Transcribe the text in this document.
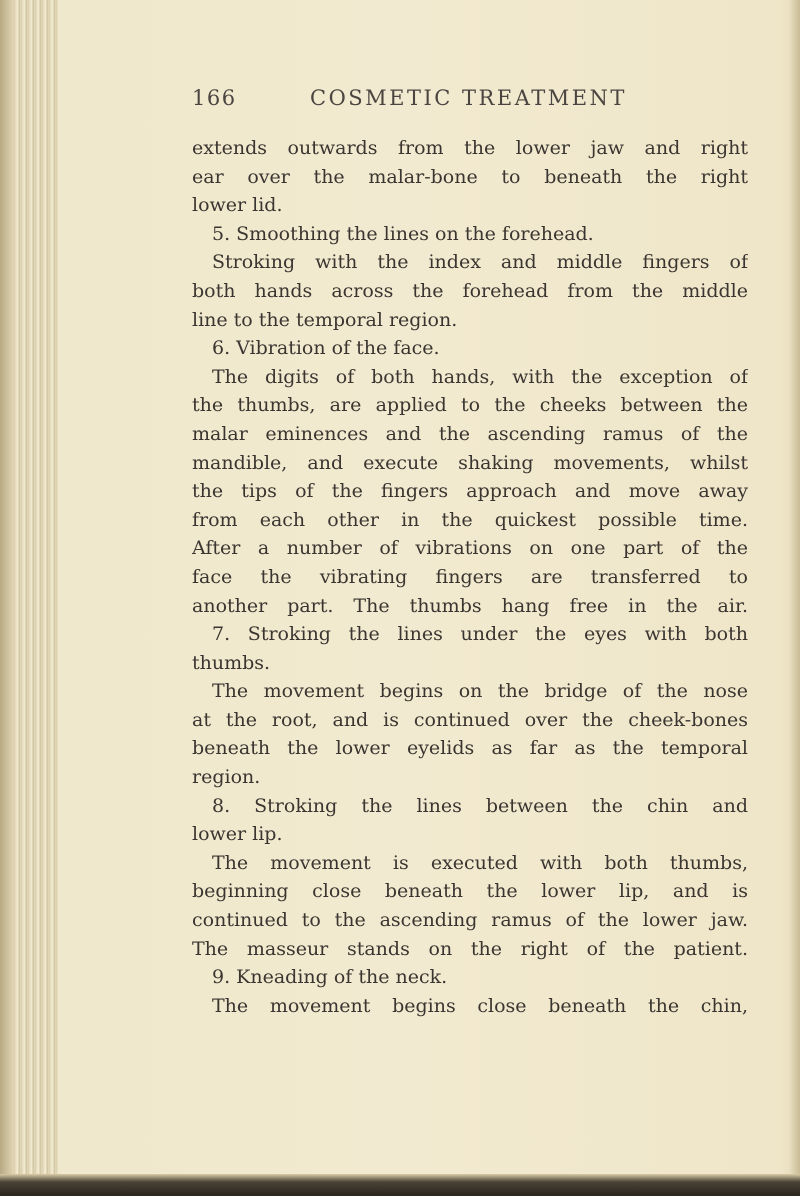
166	COSMETIC TREATMENT
extends outwards from the lower jaw and right
ear over the malar-bone to beneath the right
lower lid.
5. Smoothing the lines on the forehead.
Stroking with the index and middle fingers of
both hands across the forehead from the middle
line to the temporal region.
6. Vibration of the face.
The digits of both hands, with the exception of
the thumbs, are applied to the cheeks between the
malar eminences and the ascending ramus of the
mandible, and execute shaking movements, whilst
the tips of the fingers approach and move away
from each other in the quickest possible time.
After a number of vibrations on one part of the
face the vibrating fingers are transferred to
another part. The thumbs hang free in the air.
7. Stroking the lines under the eyes with both
thumbs.
The movement begins on the bridge of the nose
at the root, and is continued over the cheek-bones
beneath the lower eyelids as far as the temporal
region.
8. Stroking the lines between the chin and
lower lip.
The movement is executed with both thumbs,
beginning close beneath the lower lip, and is
continued to the ascending ramus of the lower jaw.
The masseur stands on the right of the patient.
9. Kneading of the neck.
The movement begins close beneath the chin,
